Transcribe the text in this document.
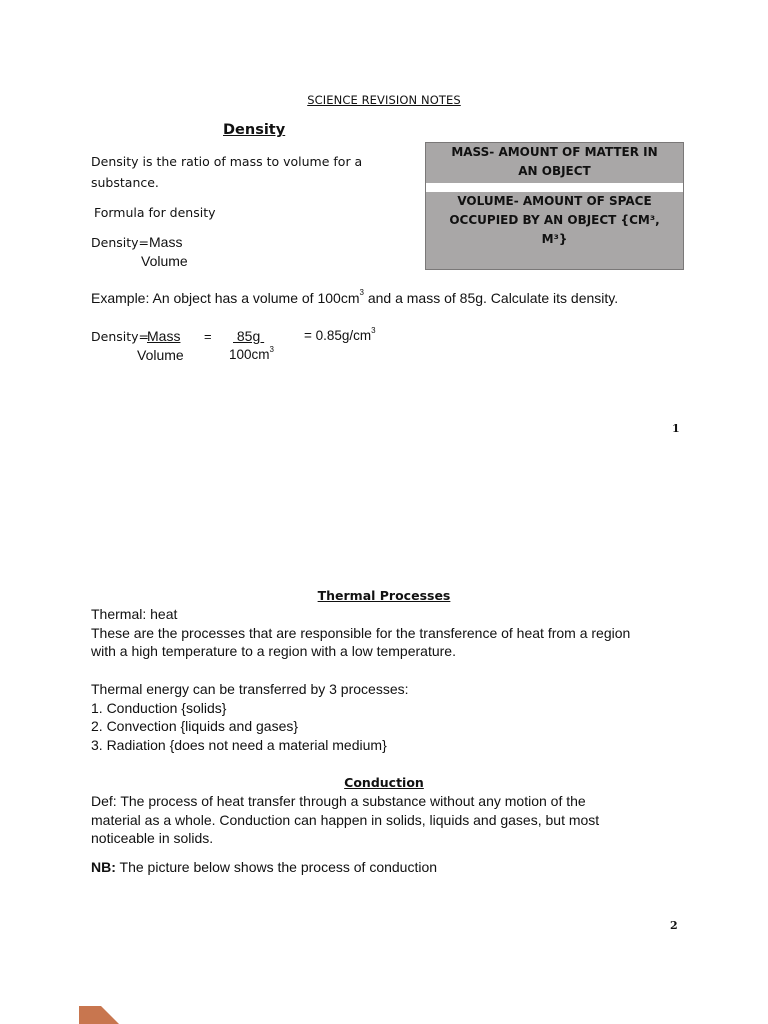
SCIENCE REVISION NOTES
Density
Density is the ratio of mass to volume for a
substance.
Formula for density
Density=Mass
Volume
MASS- AMOUNT OF MATTER IN
AN OBJECT
VOLUME- AMOUNT OF SPACE
OCCUPIED BY AN OBJECT {CM³,
M³}
Example: An object has a volume of $100cm^3$ and a mass of 85g. Calculate its density.
Density=
Mass = 85g	= $0.85g/cm^3$
Volume	$100cm^3$
1
Thermal Processes
Thermal: heat
These are the processes that are responsible for the transference of heat from a region
with a high temperature to a region with a low temperature.
Thermal energy can be transferred by 3 processes:
1. Conduction {solids}
2. Convection {liquids and gases}
3. Radiation {does not need a material medium}
Conduction
Def: The process of heat transfer through a substance without any motion of the
material as a whole. Conduction can happen in solids, liquids and gases, but most
noticeable in solids.
NB: The picture below shows the process of conduction
2
